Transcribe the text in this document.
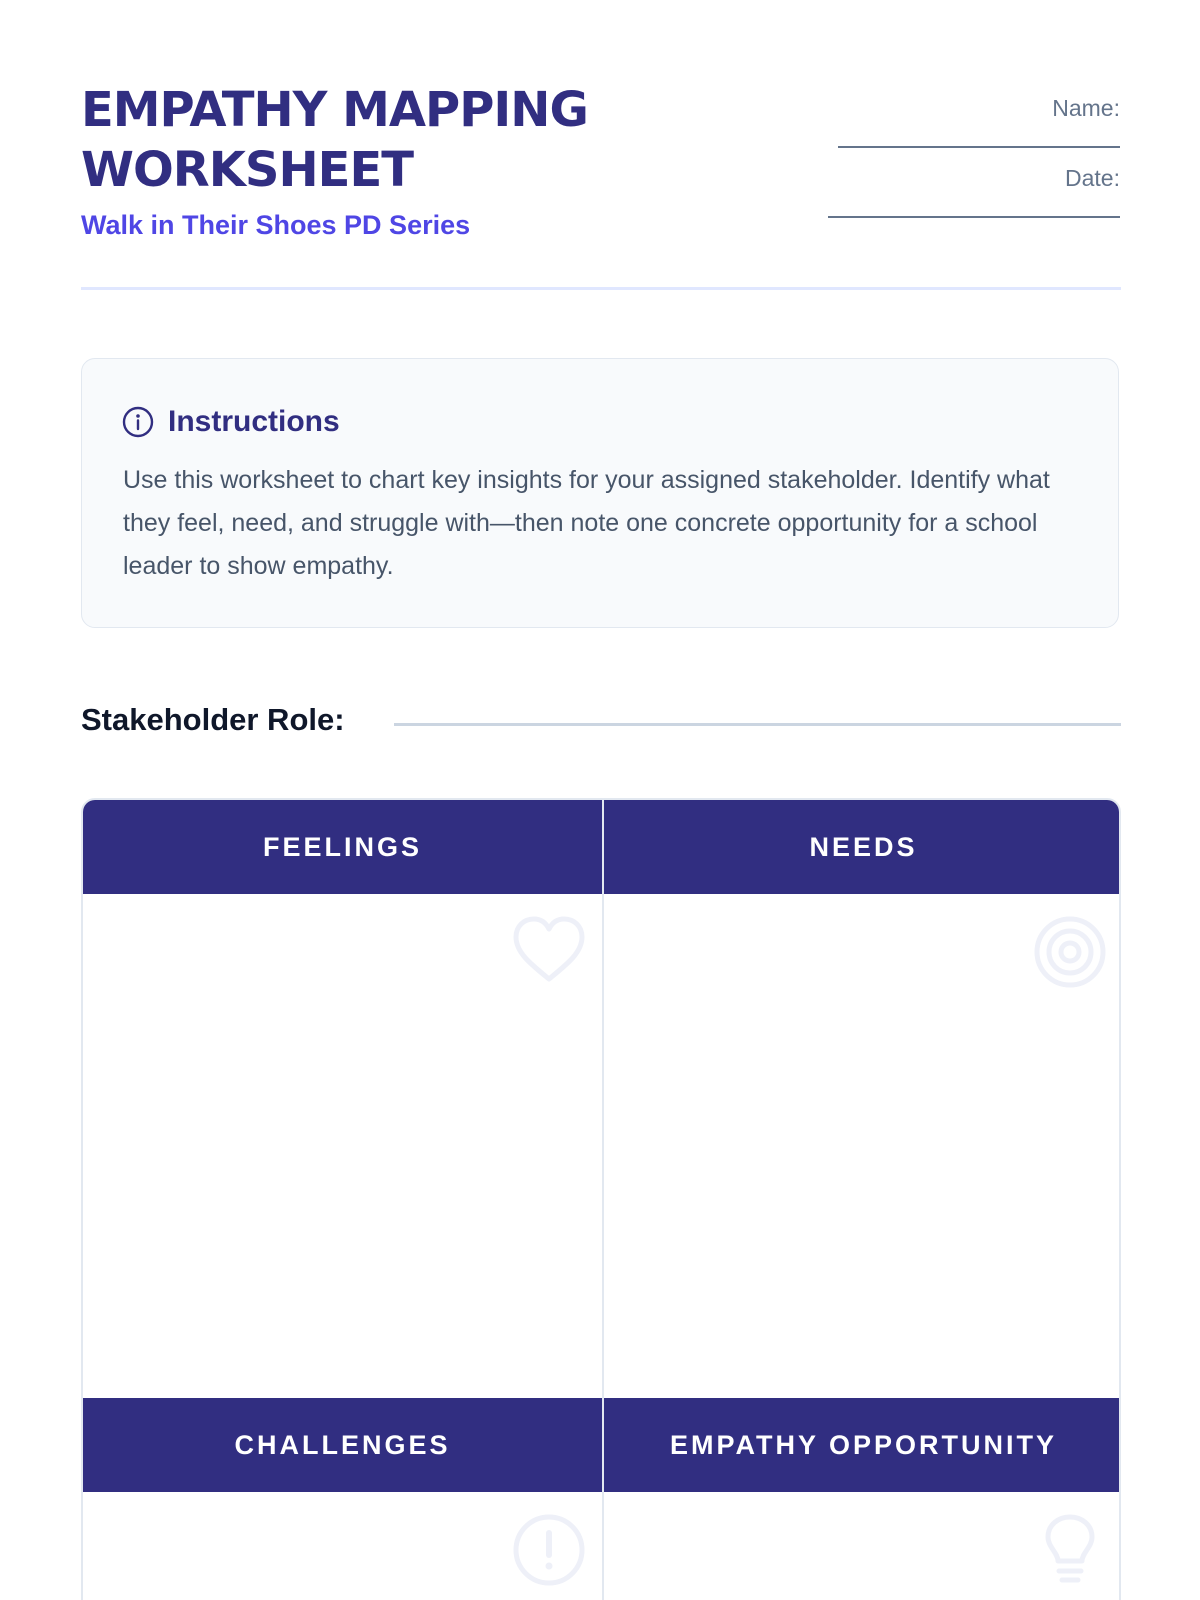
EMPATHY MAPPING
WORKSHEET

Walk in Their Shoes PD Series

Name:
Date:
Instructions

Use this worksheet to chart key insights for your assigned stakeholder. Identify what they feel, need, and struggle with—then note one concrete opportunity for a school leader to show empathy.

Stakeholder Role:

FEELINGS	NEEDS
CHALLENGES	EMPATHY OPPORTUNITY
